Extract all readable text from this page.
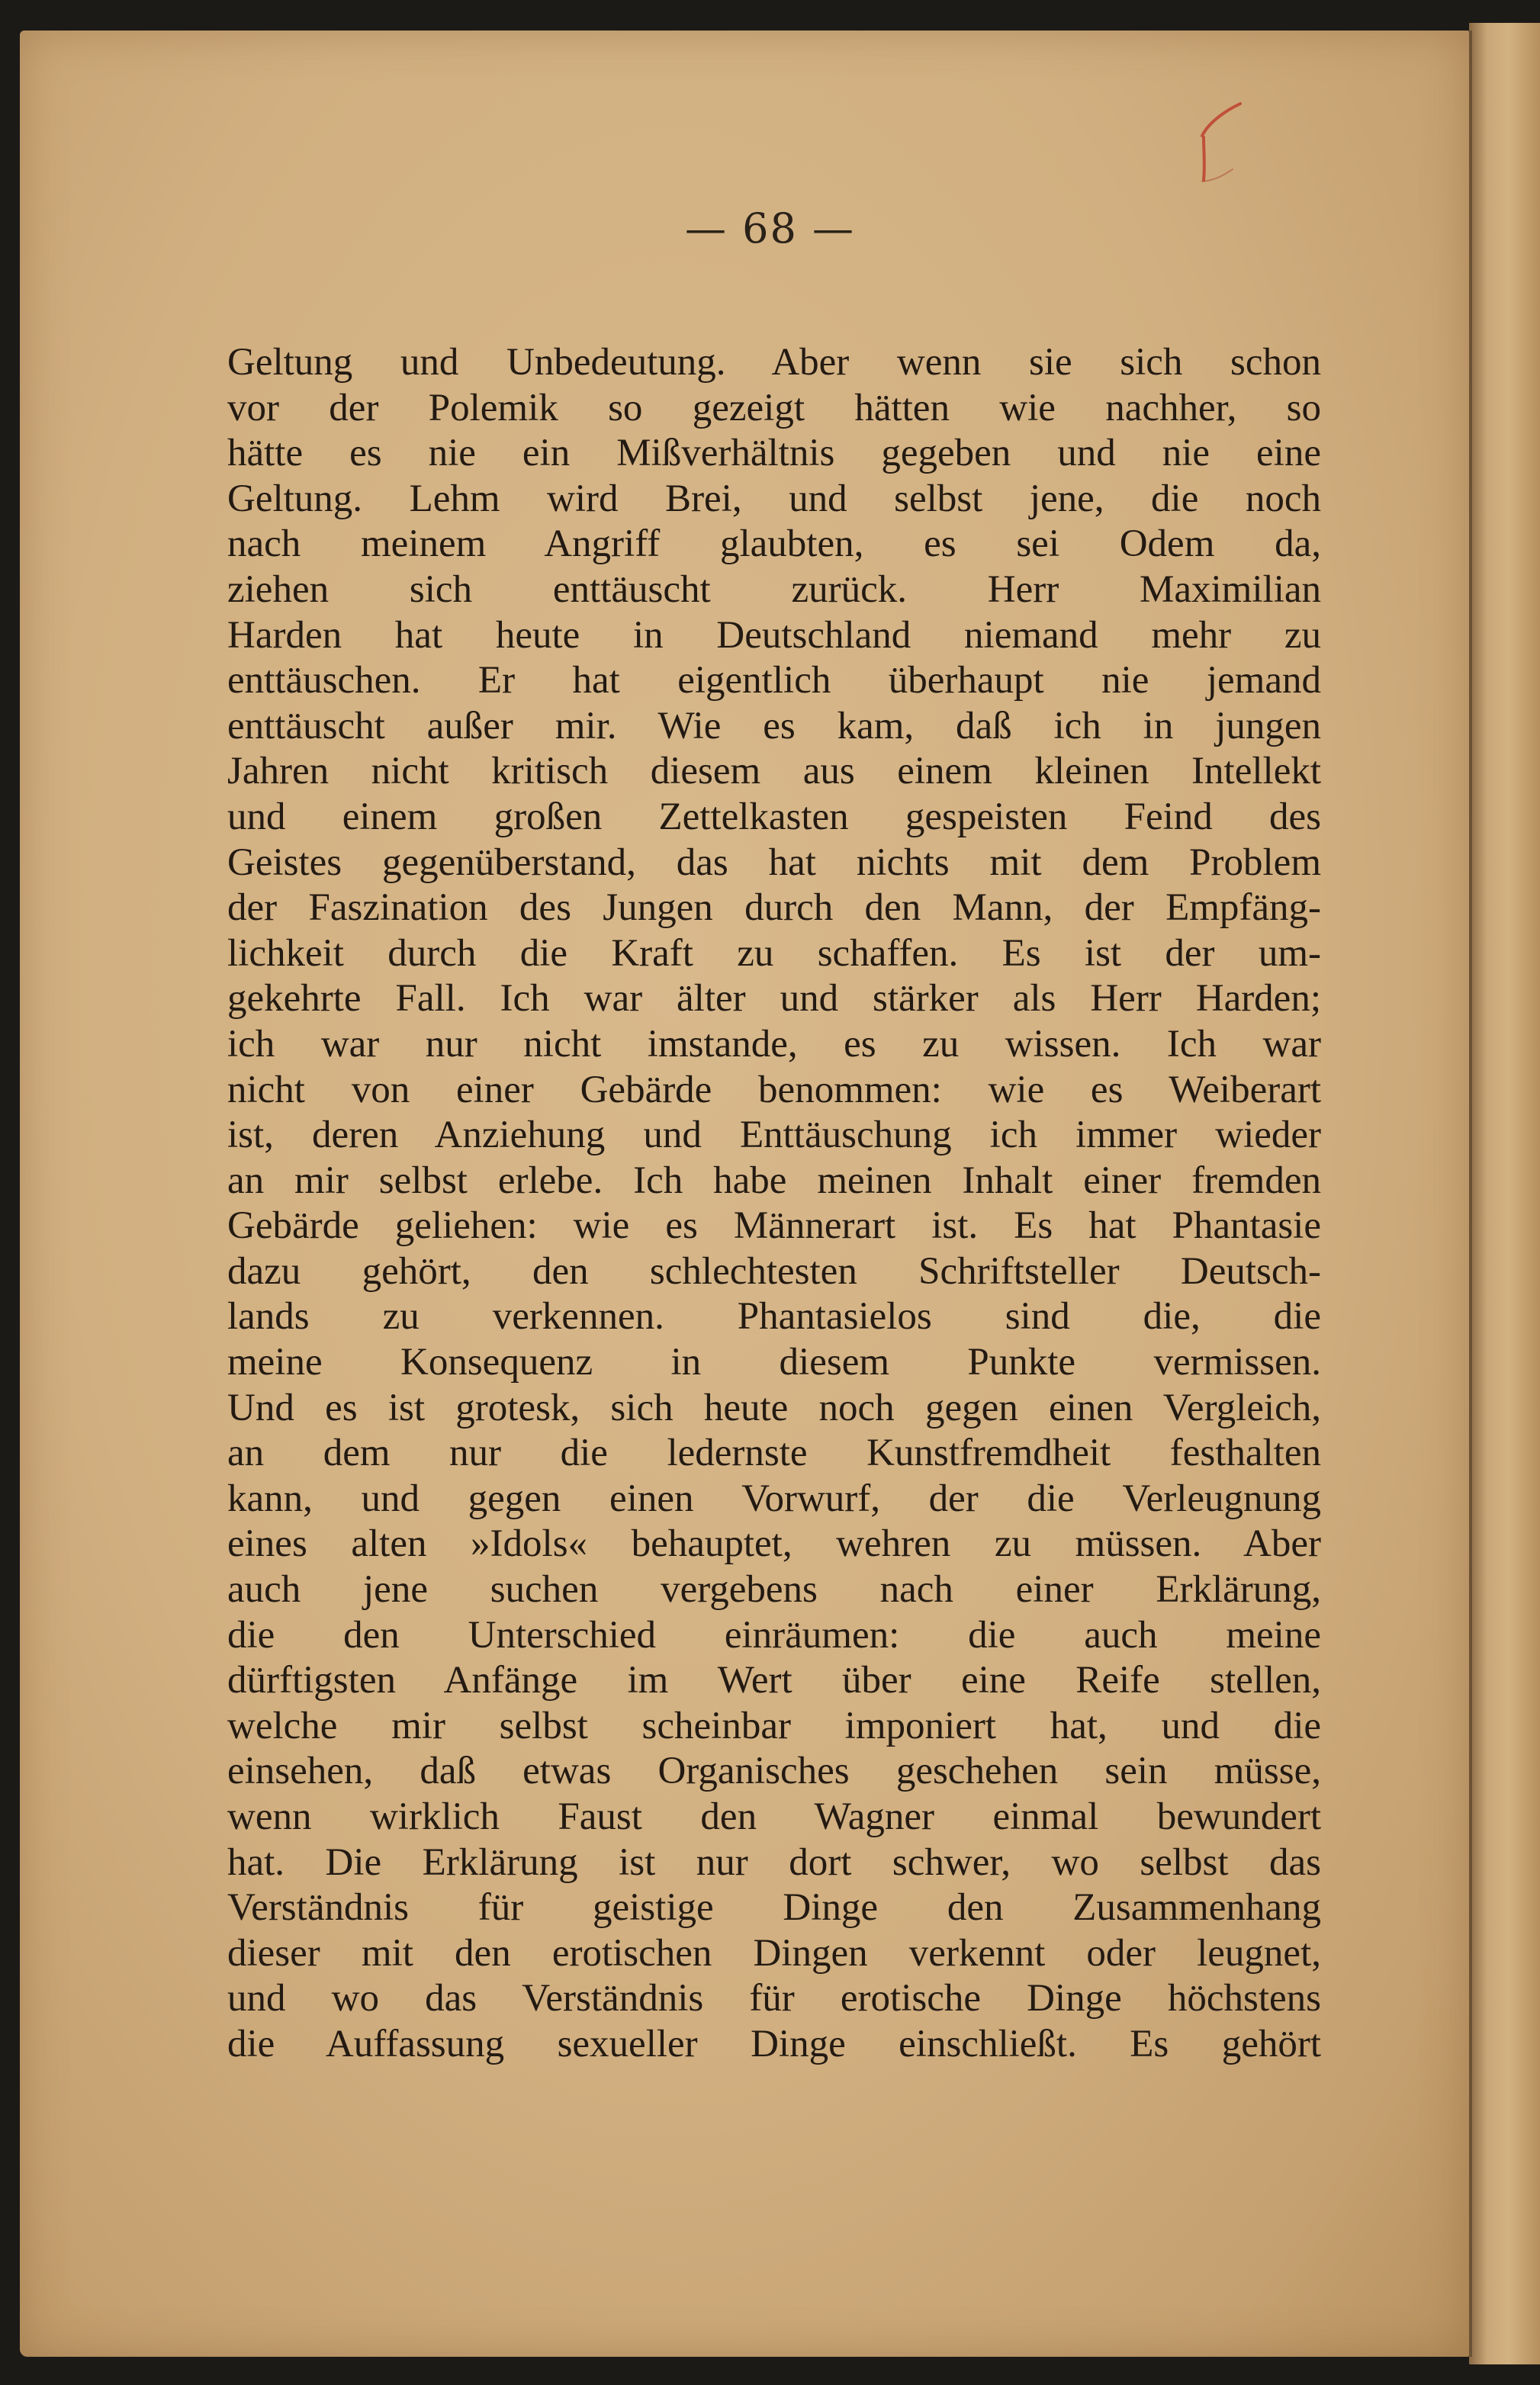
— 68 —
Geltung und Unbedeutung. Aber wenn sie sich schon
vor der Polemik so gezeigt hätten wie nachher, so
hätte es nie ein Mißverhältnis gegeben und nie eine
Geltung. Lehm wird Brei, und selbst jene, die noch
nach meinem Angriff glaubten, es sei Odem da,
ziehen sich enttäuscht zurück. Herr Maximilian
Harden hat heute in Deutschland niemand mehr zu
enttäuschen. Er hat eigentlich überhaupt nie jemand
enttäuscht außer mir. Wie es kam, daß ich in jungen
Jahren nicht kritisch diesem aus einem kleinen Intellekt
und einem großen Zettelkasten gespeisten Feind des
Geistes gegenüberstand, das hat nichts mit dem Problem
der Faszination des Jungen durch den Mann, der Empfäng-
lichkeit durch die Kraft zu schaffen. Es ist der um-
gekehrte Fall. Ich war älter und stärker als Herr Harden;
ich war nur nicht imstande, es zu wissen. Ich war
nicht von einer Gebärde benommen: wie es Weiberart
ist, deren Anziehung und Enttäuschung ich immer wieder
an mir selbst erlebe. Ich habe meinen Inhalt einer fremden
Gebärde geliehen: wie es Männerart ist. Es hat Phantasie
dazu gehört, den schlechtesten Schriftsteller Deutsch-
lands zu verkennen. Phantasielos sind die, die
meine Konsequenz in diesem Punkte vermissen.
Und es ist grotesk, sich heute noch gegen einen Vergleich,
an dem nur die ledernste Kunstfremdheit festhalten
kann, und gegen einen Vorwurf, der die Verleugnung
eines alten »Idols« behauptet, wehren zu müssen. Aber
auch jene suchen vergebens nach einer Erklärung,
die den Unterschied einräumen: die auch meine
dürftigsten Anfänge im Wert über eine Reife stellen,
welche mir selbst scheinbar imponiert hat, und die
einsehen, daß etwas Organisches geschehen sein müsse,
wenn wirklich Faust den Wagner einmal bewundert
hat. Die Erklärung ist nur dort schwer, wo selbst das
Verständnis für geistige Dinge den Zusammenhang
dieser mit den erotischen Dingen verkennt oder leugnet,
und wo das Verständnis für erotische Dinge höchstens
die Auffassung sexueller Dinge einschließt. Es gehört
